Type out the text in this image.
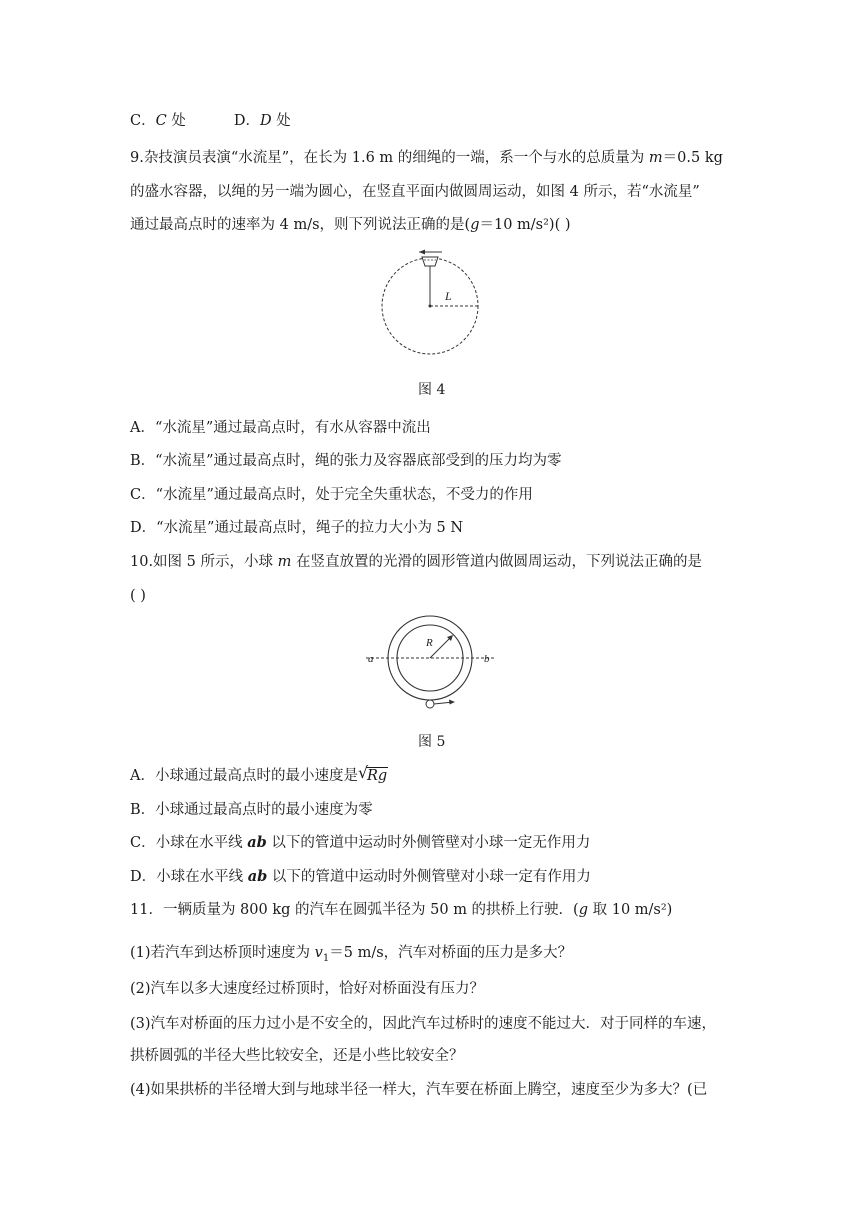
C．C 处	D．D 处
9.杂技演员表演“水流星”，在长为 1.6 m 的细绳的一端，系一个与水的总质量为 m＝0.5 kg
的盛水容器，以绳的另一端为圆心，在竖直平面内做圆周运动，如图 4 所示，若“水流星”
通过最高点时的速率为 4 m/s，则下列说法正确的是(g＝10 m/s²)( )
L
图 4
A．“水流星”通过最高点时，有水从容器中流出
B．“水流星”通过最高点时，绳的张力及容器底部受到的压力均为零
C．“水流星”通过最高点时，处于完全失重状态，不受力的作用
D．“水流星”通过最高点时，绳子的拉力大小为 5 N
10.如图 5 所示，小球 m 在竖直放置的光滑的圆形管道内做圆周运动，下列说法正确的是
( )
a	b
R
图 5
A．小球通过最高点时的最小速度是 √
Rg
B．小球通过最高点时的最小速度为零
C．小球在水平线 ab 以下的管道中运动时外侧管壁对小球一定无作用力
D．小球在水平线 ab 以下的管道中运动时外侧管壁对小球一定有作用力
11．一辆质量为 800 kg 的汽车在圆弧半径为 50 m 的拱桥上行驶．(g 取 10 m/s²)
(1)若汽车到达桥顶时速度为 $v_1=5$ m/s，汽车对桥面的压力是多大？
(2)汽车以多大速度经过桥顶时，恰好对桥面没有压力？
(3)汽车对桥面的压力过小是不安全的，因此汽车过桥时的速度不能过大．对于同样的车速，
拱桥圆弧的半径大些比较安全，还是小些比较安全？
(4)如果拱桥的半径增大到与地球半径一样大，汽车要在桥面上腾空，速度至少为多大？(已
